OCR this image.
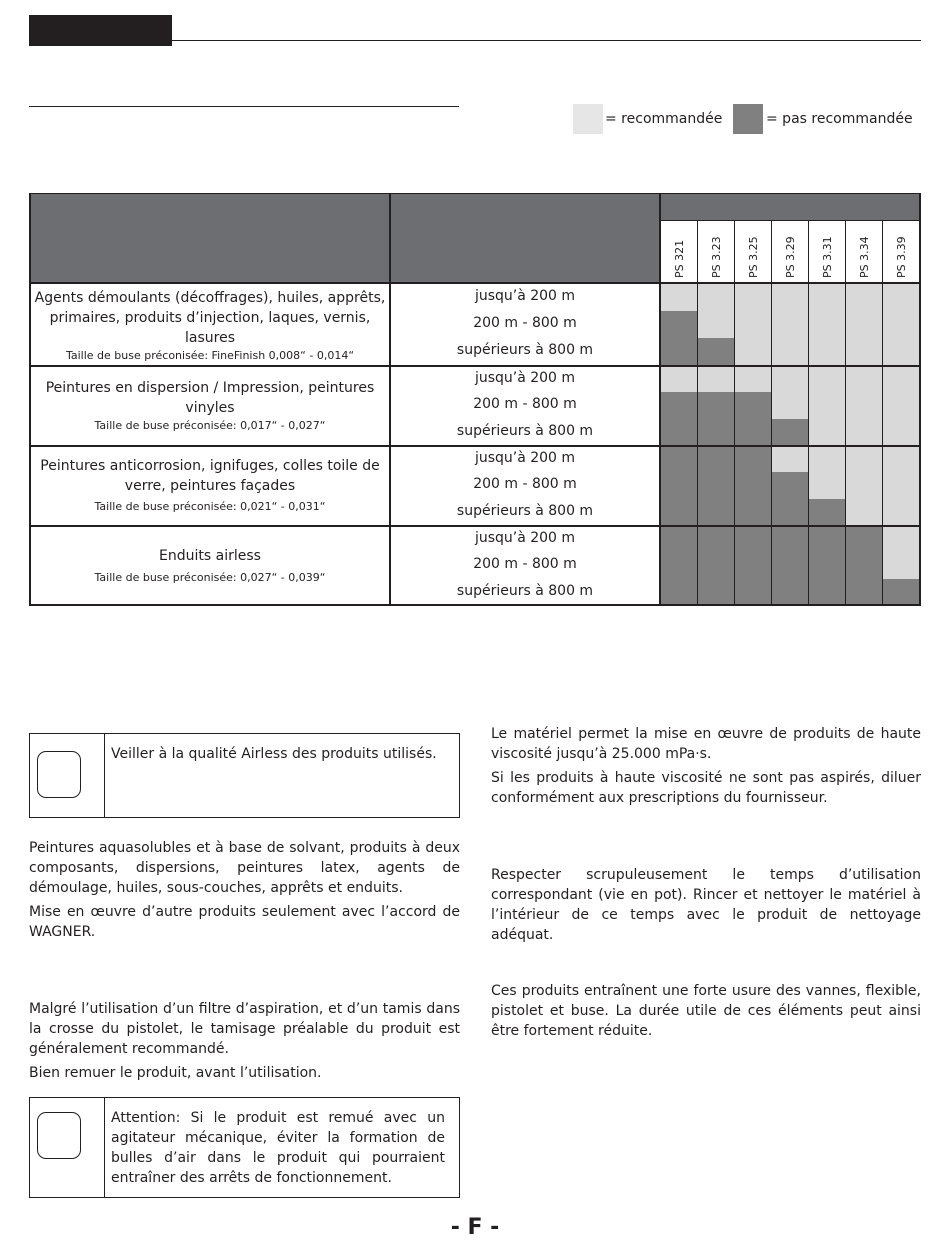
= recommandée	= pas recommandée
PS 321 PS 3.23 PS 3.25 PS 3.29 PS 3.31 PS 3.34 PS 3.39
Agents démoulants (décoffrages), huiles, apprêts, primaires, produits d’injection, laques, vernis, lasures
Taille de buse préconisée: FineFinish 0,008“ - 0,014“
jusqu’à 200 m
200 m - 800 m
supérieurs à 800 m
Peintures en dispersion / Impression, peintures vinyles
Taille de buse préconisée: 0,017“ - 0,027“
jusqu’à 200 m
200 m - 800 m
supérieurs à 800 m
Peintures anticorrosion, ignifuges, colles toile de verre, peintures façades
Taille de buse préconisée: 0,021“ - 0,031“
jusqu’à 200 m
200 m - 800 m
supérieurs à 800 m
Enduits airless
Taille de buse préconisée: 0,027“ - 0,039“
jusqu’à 200 m
200 m - 800 m
supérieurs à 800 m
Veiller à la qualité Airless des produits utilisés.
Peintures aquasolubles et à base de solvant, produits à deux composants, dispersions, peintures latex, agents de démoulage, huiles, sous-couches, apprêts et enduits.
Mise en œuvre d’autre produits seulement avec l’accord de WAGNER.
Malgré l’utilisation d’un filtre d’aspiration, et d’un tamis dans la crosse du pistolet, le tamisage préalable du produit est généralement recommandé.
Bien remuer le produit, avant l’utilisation.
Attention: Si le produit est remué avec un agitateur mécanique, éviter la formation de bulles d’air dans le produit qui pourraient entraîner des arrêts de fonctionnement.
Le matériel permet la mise en œuvre de produits de haute viscosité jusqu’à 25.000 mPa·s.
Si les produits à haute viscosité ne sont pas aspirés, diluer conformément aux prescriptions du fournisseur.
Respecter scrupuleusement le temps d’utilisation correspondant (vie en pot). Rincer et nettoyer le matériel à l’intérieur de ce temps avec le produit de nettoyage adéquat.
Ces produits entraînent une forte usure des vannes, flexible, pistolet et buse. La durée utile de ces éléments peut ainsi être fortement réduite.
- F -
